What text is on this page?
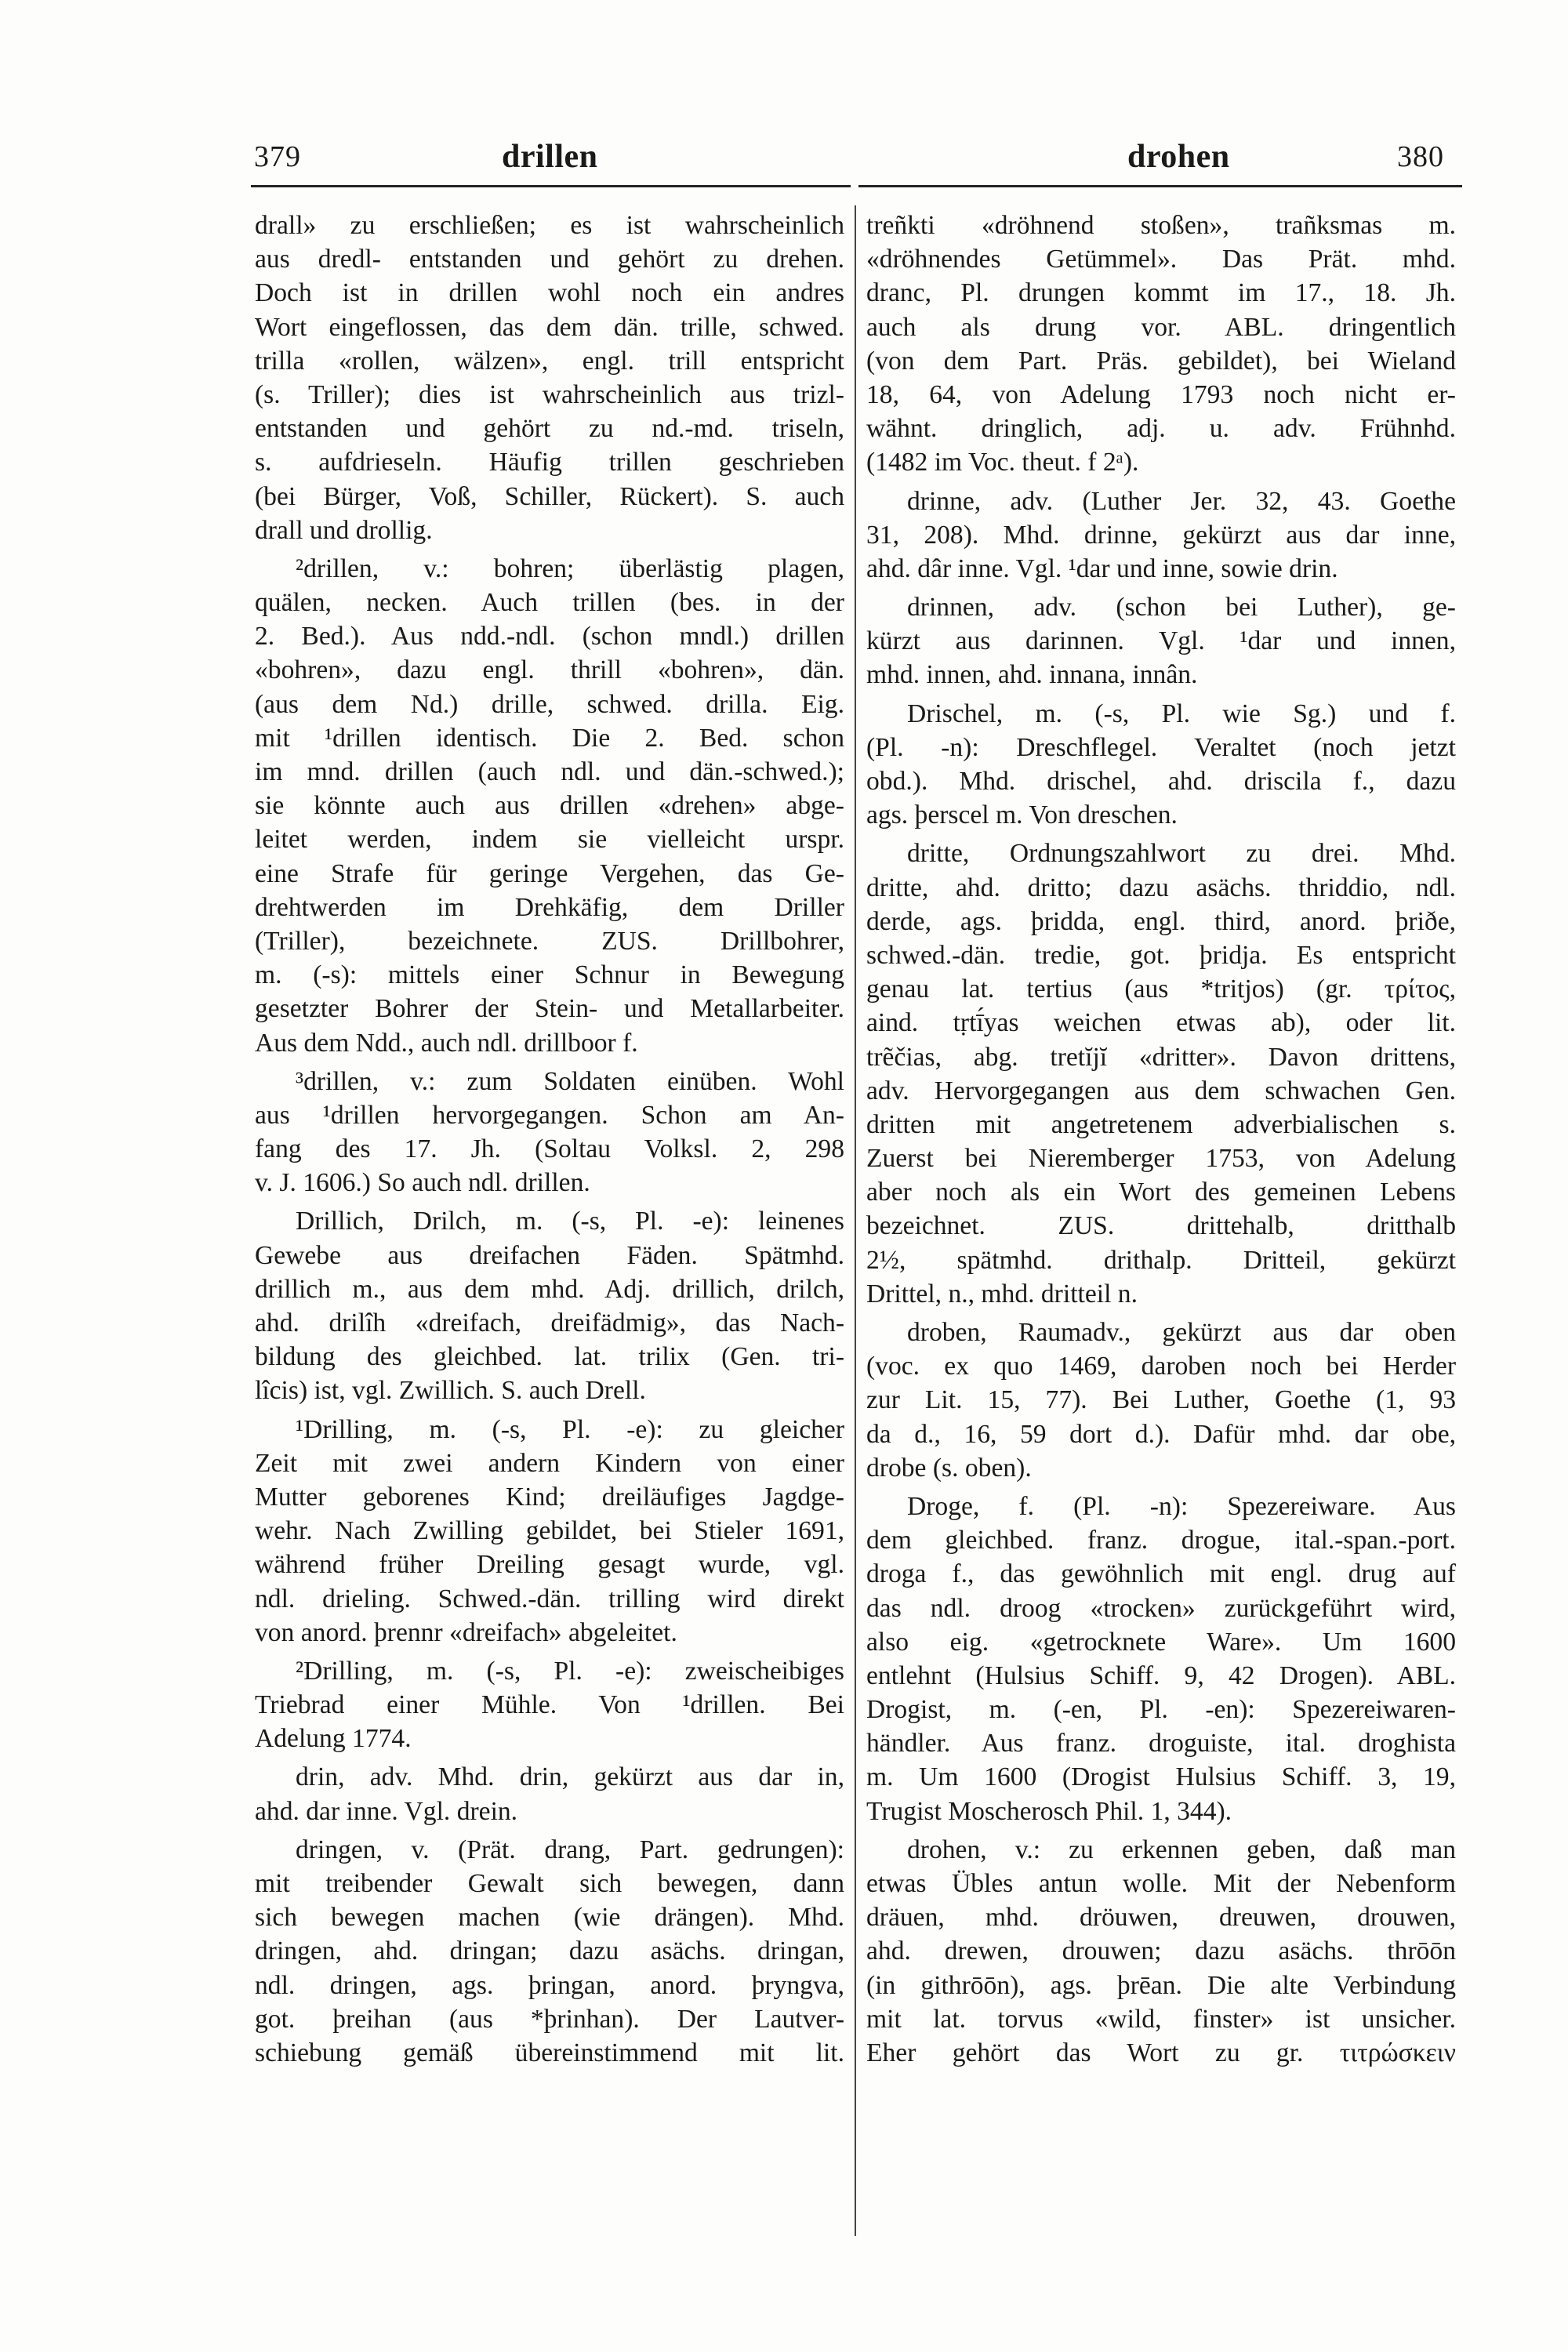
379	drillen	drohen	380
drall» zu erschließen; es ist wahrscheinlich
aus dredl- entstanden und gehört zu drehen.
Doch ist in drillen wohl noch ein andres
Wort eingeflossen, das dem dän. trille, schwed.
trilla «rollen, wälzen», engl. trill entspricht
(s. Triller); dies ist wahrscheinlich aus trizl-
entstanden und gehört zu nd.-md. triseln,
s. aufdrieseln. Häufig trillen geschrieben
(bei Bürger, Voß, Schiller, Rückert). S. auch
drall und drollig.
²drillen, v.: bohren; überlästig plagen,
quälen, necken. Auch trillen (bes. in der
2. Bed.). Aus ndd.-ndl. (schon mndl.) drillen
«bohren», dazu engl. thrill «bohren», dän.
(aus dem Nd.) drille, schwed. drilla. Eig.
mit ¹drillen identisch. Die 2. Bed. schon
im mnd. drillen (auch ndl. und dän.-schwed.);
sie könnte auch aus drillen «drehen» abge-
leitet werden, indem sie vielleicht urspr.
eine Strafe für geringe Vergehen, das Ge-
drehtwerden im Drehkäfig, dem Driller
(Triller), bezeichnete. ZUS. Drillbohrer,
m. (-s): mittels einer Schnur in Bewegung
gesetzter Bohrer der Stein- und Metallarbeiter.
Aus dem Ndd., auch ndl. drillboor f.
³drillen, v.: zum Soldaten einüben. Wohl
aus ¹drillen hervorgegangen. Schon am An-
fang des 17. Jh. (Soltau Volksl. 2, 298
v. J. 1606.) So auch ndl. drillen.
Drillich, Drilch, m. (-s, Pl. -e): leinenes
Gewebe aus dreifachen Fäden. Spätmhd.
drillich m., aus dem mhd. Adj. drillich, drilch,
ahd. drilîh «dreifach, dreifädmig», das Nach-
bildung des gleichbed. lat. trilix (Gen. tri-
lîcis) ist, vgl. Zwillich. S. auch Drell.
¹Drilling, m. (-s, Pl. -e): zu gleicher
Zeit mit zwei andern Kindern von einer
Mutter geborenes Kind; dreiläufiges Jagdge-
wehr. Nach Zwilling gebildet, bei Stieler 1691,
während früher Dreiling gesagt wurde, vgl.
ndl. drieling. Schwed.-dän. trilling wird direkt
von anord. þrennr «dreifach» abgeleitet.
²Drilling, m. (-s, Pl. -e): zweischeibiges
Triebrad einer Mühle. Von ¹drillen. Bei
Adelung 1774.
drin, adv. Mhd. drin, gekürzt aus dar in,
ahd. dar inne. Vgl. drein.
dringen, v. (Prät. drang, Part. gedrungen):
mit treibender Gewalt sich bewegen, dann
sich bewegen machen (wie drängen). Mhd.
dringen, ahd. dringan; dazu asächs. dringan,
ndl. dringen, ags. þringan, anord. þryngva,
got. þreihan (aus *þrinhan). Der Lautver-
schiebung gemäß übereinstimmend mit lit.
treñkti «dröhnend stoßen», trañksmas m.
«dröhnendes Getümmel». Das Prät. mhd.
dranc, Pl. drungen kommt im 17., 18. Jh.
auch als drung vor. ABL. dringentlich
(von dem Part. Präs. gebildet), bei Wieland
18, 64, von Adelung 1793 noch nicht er-
wähnt. dringlich, adj. u. adv. Frühnhd.
(1482 im Voc. theut. f 2ᵃ).
drinne, adv. (Luther Jer. 32, 43. Goethe
31, 208). Mhd. drinne, gekürzt aus dar inne,
ahd. dâr inne. Vgl. ¹dar und inne, sowie drin.
drinnen, adv. (schon bei Luther), ge-
kürzt aus darinnen. Vgl. ¹dar und innen,
mhd. innen, ahd. innana, innân.
Drischel, m. (-s, Pl. wie Sg.) und f.
(Pl. -n): Dreschflegel. Veraltet (noch jetzt
obd.). Mhd. drischel, ahd. driscila f., dazu
ags. þerscel m. Von dreschen.
dritte, Ordnungszahlwort zu drei. Mhd.
dritte, ahd. dritto; dazu asächs. thriddio, ndl.
derde, ags. þridda, engl. third, anord. þriðe,
schwed.-dän. tredie, got. þridja. Es entspricht
genau lat. tertius (aus *tritjos) (gr. τρίτος,
aind. tṛtī́yas weichen etwas ab), oder lit.
trẽčias, abg. tretĭjĭ «dritter». Davon drittens,
adv. Hervorgegangen aus dem schwachen Gen.
dritten mit angetretenem adverbialischen s.
Zuerst bei Nieremberger 1753, von Adelung
aber noch als ein Wort des gemeinen Lebens
bezeichnet. ZUS. drittehalb, dritthalb
2½, spätmhd. drithalp. Dritteil, gekürzt
Drittel, n., mhd. dritteil n.
droben, Raumadv., gekürzt aus dar oben
(voc. ex quo 1469, daroben noch bei Herder
zur Lit. 15, 77). Bei Luther, Goethe (1, 93
da d., 16, 59 dort d.). Dafür mhd. dar obe,
drobe (s. oben).
Droge, f. (Pl. -n): Spezereiware. Aus
dem gleichbed. franz. drogue, ital.-span.-port.
droga f., das gewöhnlich mit engl. drug auf
das ndl. droog «trocken» zurückgeführt wird,
also eig. «getrocknete Ware». Um 1600
entlehnt (Hulsius Schiff. 9, 42 Drogen). ABL.
Drogist, m. (-en, Pl. -en): Spezereiwaren-
händler. Aus franz. droguiste, ital. droghista
m. Um 1600 (Drogist Hulsius Schiff. 3, 19,
Trugist Moscherosch Phil. 1, 344).
drohen, v.: zu erkennen geben, daß man
etwas Übles antun wolle. Mit der Nebenform
dräuen, mhd. dröuwen, dreuwen, drouwen,
ahd. drewen, drouwen; dazu asächs. thrōōn
(in githrōōn), ags. þrēan. Die alte Verbindung
mit lat. torvus «wild, finster» ist unsicher.
Eher gehört das Wort zu gr. τιτρώσκειν
